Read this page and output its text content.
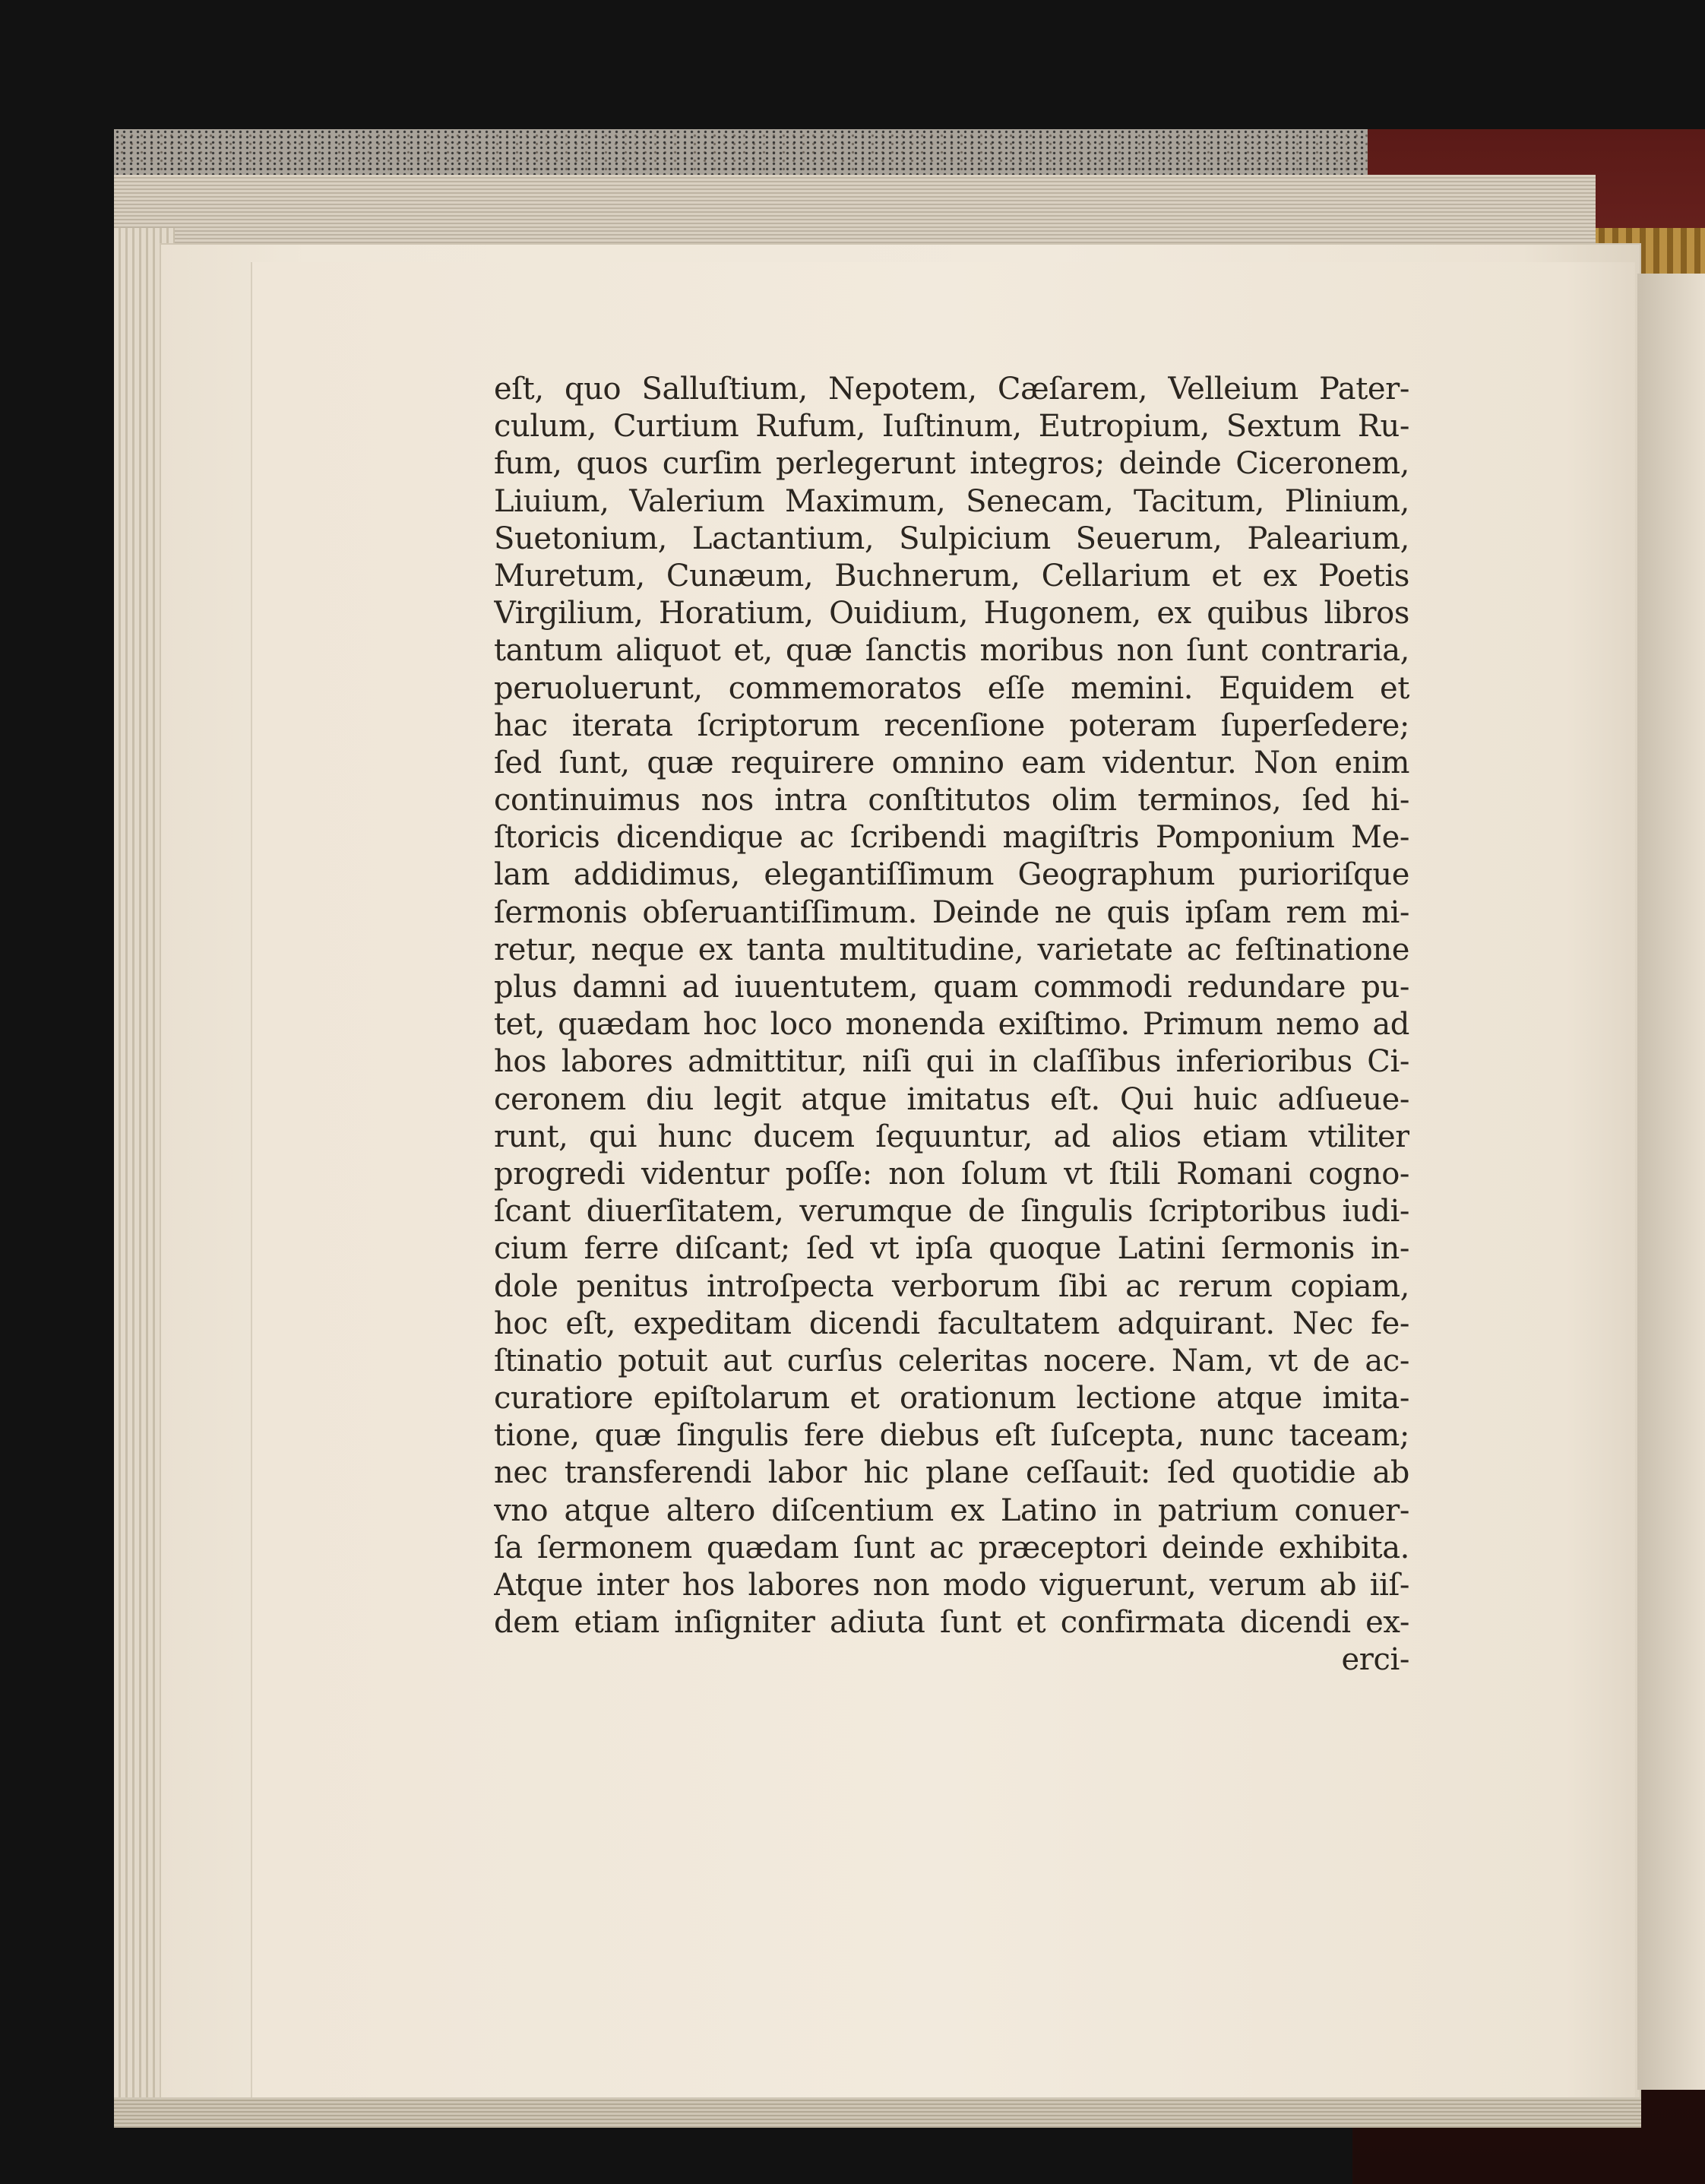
eſt, quo Salluſtium, Nepotem, Cæſarem, Velleium Pater-
culum, Curtium Rufum, Iuſtinum, Eutropium, Sextum Ru-
fum, quos curſim perlegerunt integros; deinde Ciceronem,
Liuium, Valerium Maximum, Senecam, Tacitum, Plinium,
Suetonium, Lactantium, Sulpicium Seuerum, Palearium,
Muretum, Cunæum, Buchnerum, Cellarium et ex Poetis
Virgilium, Horatium, Ouidium, Hugonem, ex quibus libros
tantum aliquot et, quæ ſanctis moribus non ſunt contraria,
peruoluerunt, commemoratos eſſe memini. Equidem et
hac iterata ſcriptorum recenſione poteram ſuperſedere;
ſed ſunt, quæ requirere omnino eam videntur. Non enim
continuimus nos intra conſtitutos olim terminos, ſed hi-
ſtoricis dicendique ac ſcribendi magiſtris Pomponium Me-
lam addidimus, elegantiſſimum Geographum purioriſque
ſermonis obſeruantiſſimum. Deinde ne quis ipſam rem mi-
retur, neque ex tanta multitudine, varietate ac feſtinatione
plus damni ad iuuentutem, quam commodi redundare pu-
tet, quædam hoc loco monenda exiſtimo. Primum nemo ad
hos labores admittitur, niſi qui in claſſibus inferioribus Ci-
ceronem diu legit atque imitatus eſt. Qui huic adſueue-
runt, qui hunc ducem ſequuntur, ad alios etiam vtiliter
progredi videntur poſſe: non ſolum vt ſtili Romani cogno-
ſcant diuerſitatem, verumque de ſingulis ſcriptoribus iudi-
cium ferre diſcant; ſed vt ipſa quoque Latini ſermonis in-
dole penitus introſpecta verborum ſibi ac rerum copiam,
hoc eſt, expeditam dicendi facultatem adquirant. Nec fe-
ſtinatio potuit aut curſus celeritas nocere. Nam, vt de ac-
curatiore epiſtolarum et orationum lectione atque imita-
tione, quæ ſingulis fere diebus eſt ſuſcepta, nunc taceam;
nec transferendi labor hic plane ceſſauit: ſed quotidie ab
vno atque altero diſcentium ex Latino in patrium conuer-
ſa ſermonem quædam ſunt ac præceptori deinde exhibita.
Atque inter hos labores non modo viguerunt, verum ab iiſ-
dem etiam inſigniter adiuta ſunt et confirmata dicendi ex-
erci-
